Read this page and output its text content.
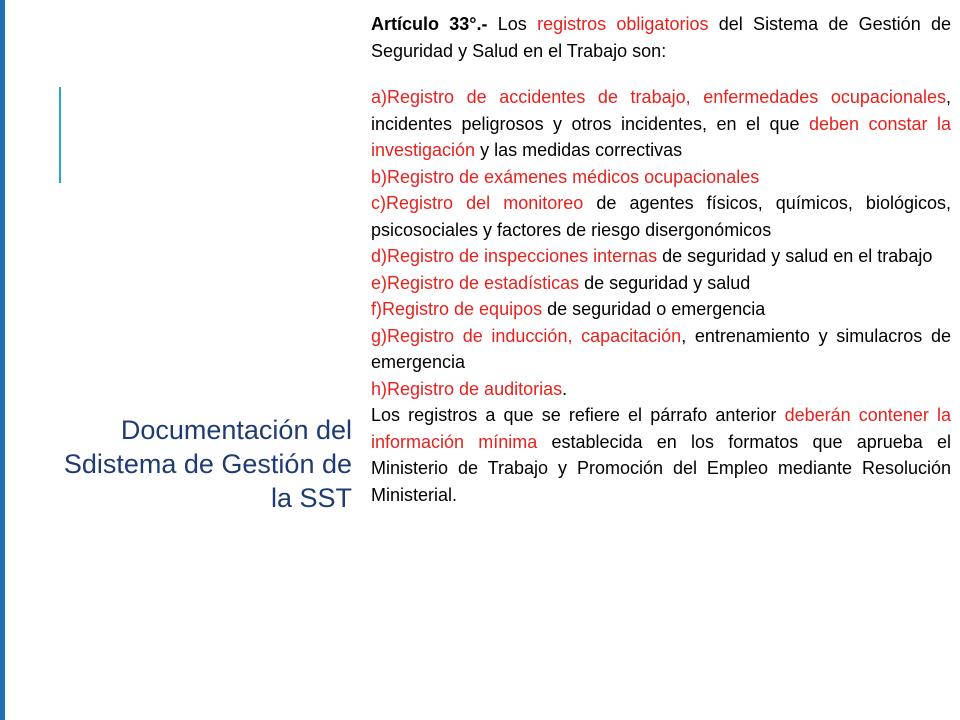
Documentación del
Sdistema de Gestión de
la SST

Artículo 33°.- Los registros obligatorios del Sistema de Gestión de Seguridad y Salud en el Trabajo son:

a)Registro de accidentes de trabajo, enfermedades ocupacionales, incidentes peligrosos y otros incidentes, en el que deben constar la investigación y las medidas correctivas

b)Registro de exámenes médicos ocupacionales

c)Registro del monitoreo de agentes físicos, químicos, biológicos, psicosociales y factores de riesgo disergonómicos

d)Registro de inspecciones internas de seguridad y salud en el trabajo

e)Registro de estadísticas de seguridad y salud

f)Registro de equipos de seguridad o emergencia

g)Registro de inducción, capacitación, entrenamiento y simulacros de emergencia

h)Registro de auditorias.

Los registros a que se refiere el párrafo anterior deberán contener la información mínima establecida en los formatos que aprueba el Ministerio de Trabajo y Promoción del Empleo mediante Resolución Ministerial.
